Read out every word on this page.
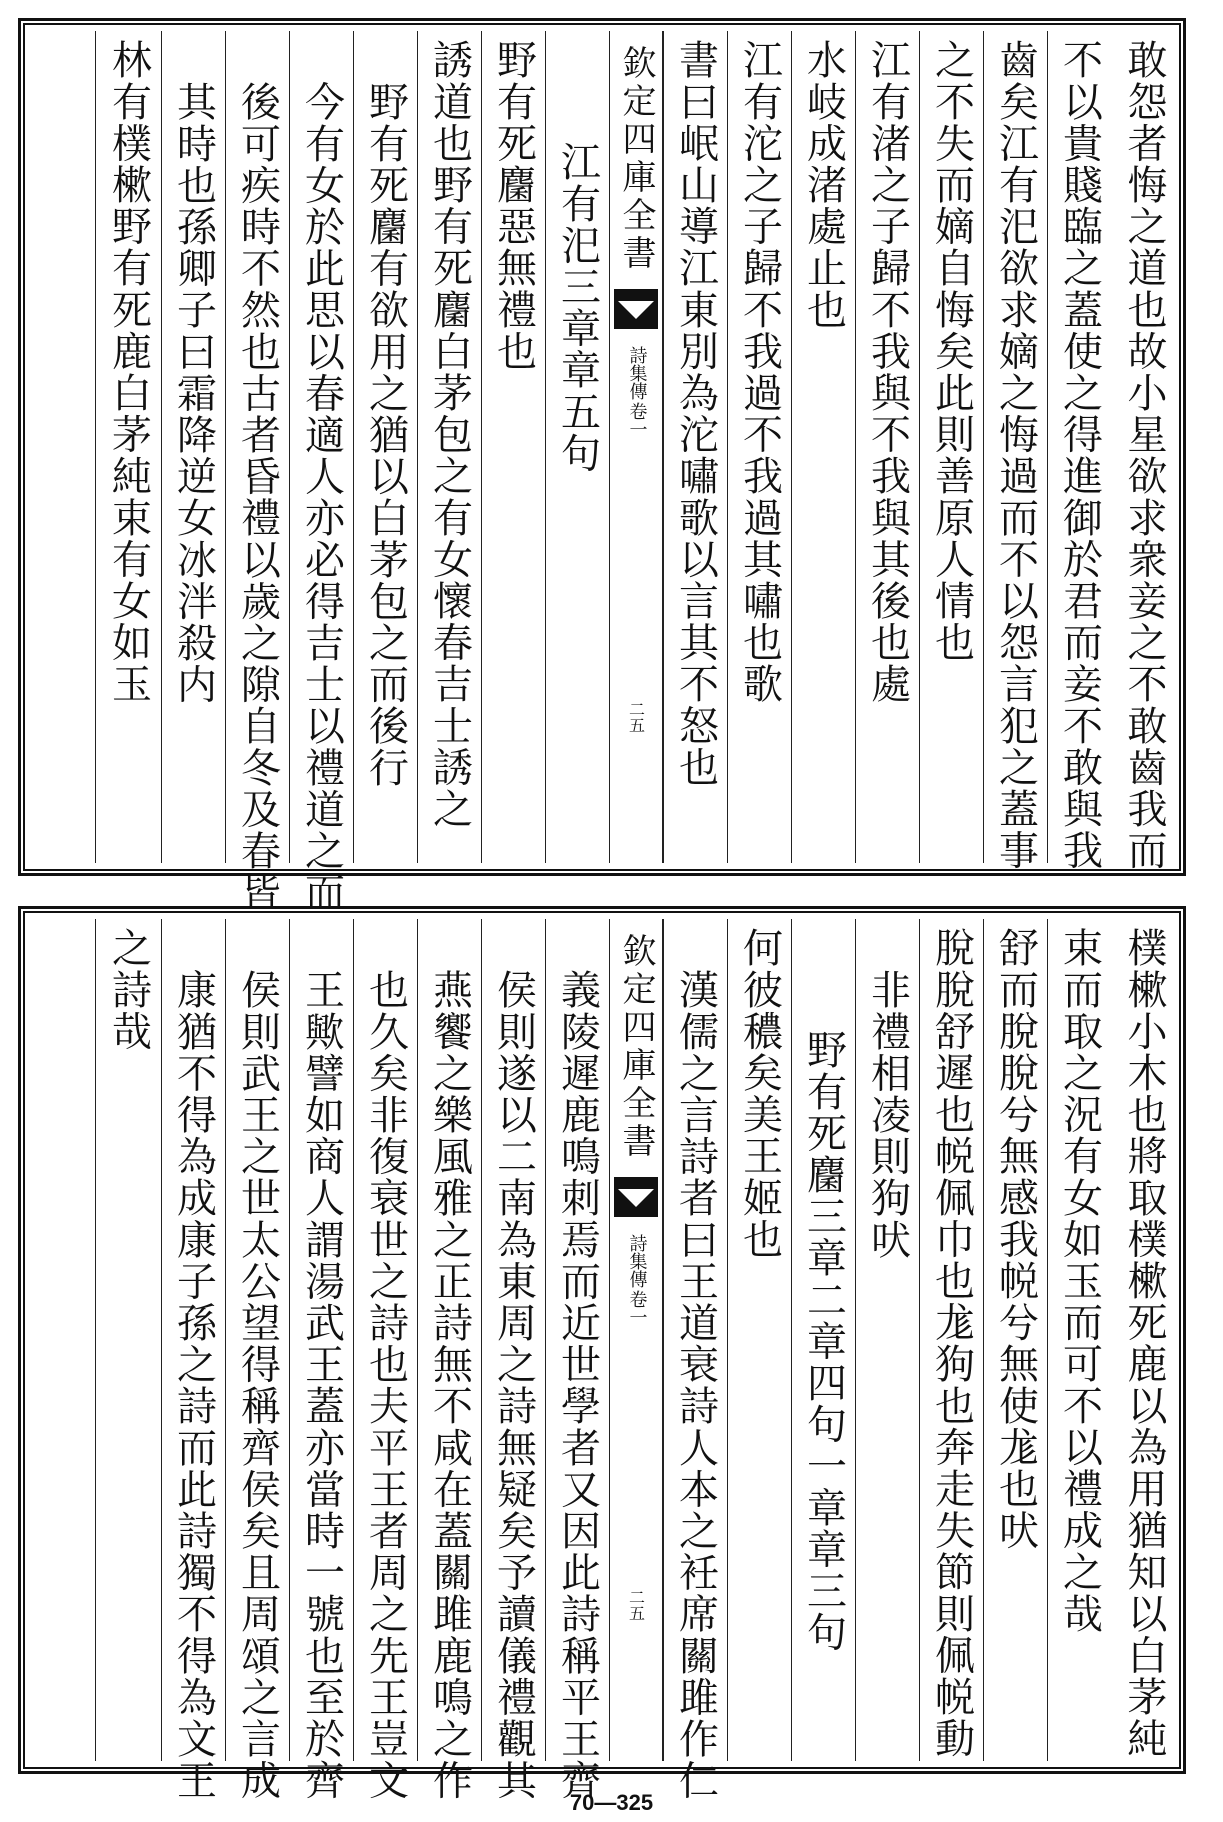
敢怨者悔之道也故小星欲求衆妾之不敢齒我而
不以貴賤臨之蓋使之得進御於君而妾不敢與我
齒矣江有汜欲求嫡之悔過而不以怨言犯之蓋事
之不失而嫡自悔矣此則善原人情也
江有渚之子歸不我與不我與其後也處
水岐成渚處止也
江有沱之子歸不我過不我過其嘯也歌
書曰岷山導江東別為沱嘯歌以言其不怒也
欽定四庫全書
詩集傳
卷一
二五
江有汜三章章五句
野有死麕惡無禮也
誘道也野有死麕白茅包之有女懷春吉士誘之
野有死麕有欲用之猶以白茅包之而後行
今有女於此思以春適人亦必得吉士以禮道之而
後可疾時不然也古者昏禮以歲之隙自冬及春皆
其時也孫卿子曰霜降逆女冰泮殺内
林有樸樕野有死鹿白茅純束有女如玉
樸樕小木也將取樸樕死鹿以為用猶知以白茅純
束而取之況有女如玉而可不以禮成之哉
舒而脫脫兮無感我帨兮無使尨也吠
脫脫舒遲也帨佩巾也尨狗也奔走失節則佩帨動
非禮相凌則狗吠
野有死麕三章二章四句一章章三句
何彼穠矣美王姬也
漢儒之言詩者曰王道衰詩人本之衽席關雎作仁
欽定四庫全書
詩集傳
卷一
二五
義陵遲鹿鳴刺焉而近世學者又因此詩稱平王齊
侯則遂以二南為東周之詩無疑矣予讀儀禮觀其
燕饗之樂風雅之正詩無不咸在蓋關雎鹿鳴之作
也久矣非復衰世之詩也夫平王者周之先王豈文
王歟譬如商人謂湯武王蓋亦當時一號也至於齊
侯則武王之世太公望得稱齊侯矣且周頌之言成
康猶不得為成康子孫之詩而此詩獨不得為文王
之詩哉
70—325
